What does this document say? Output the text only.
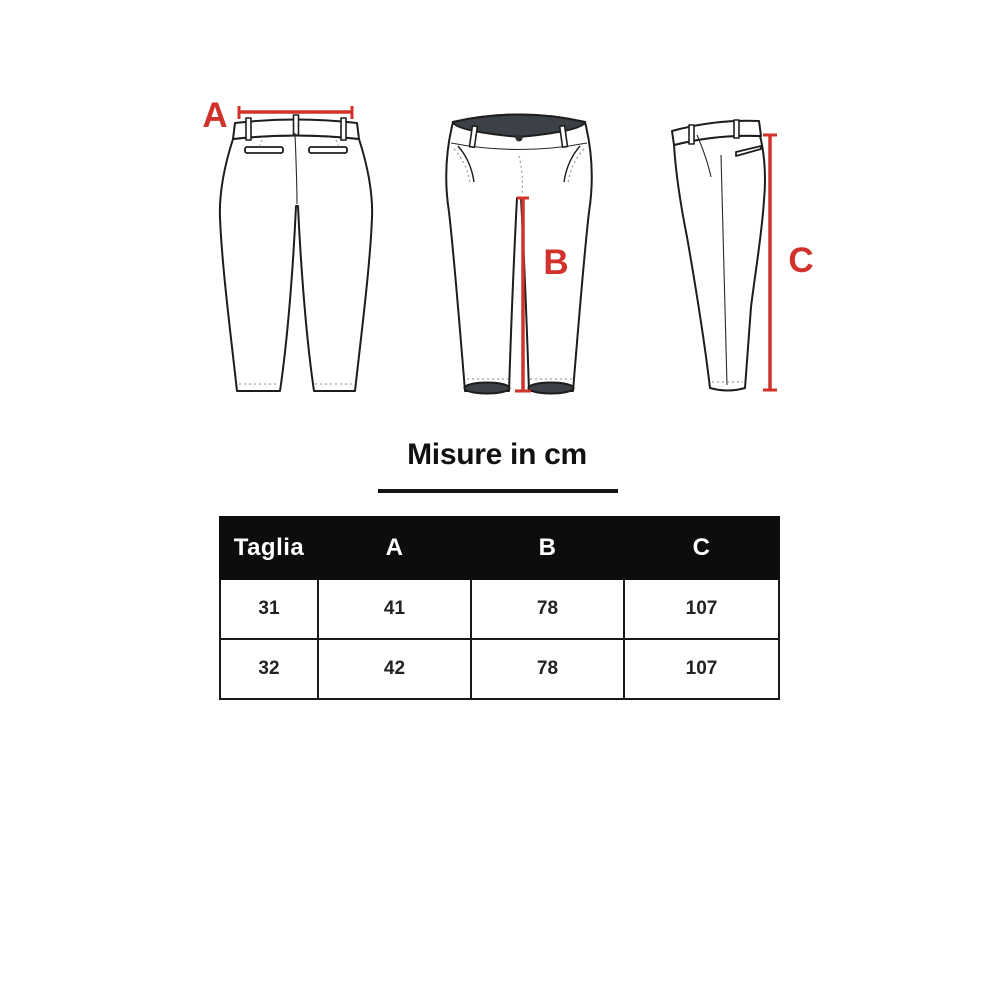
A
B	C
Misure in cm
Taglia	A	B	C
31	41	78	107
32	42	78	107
